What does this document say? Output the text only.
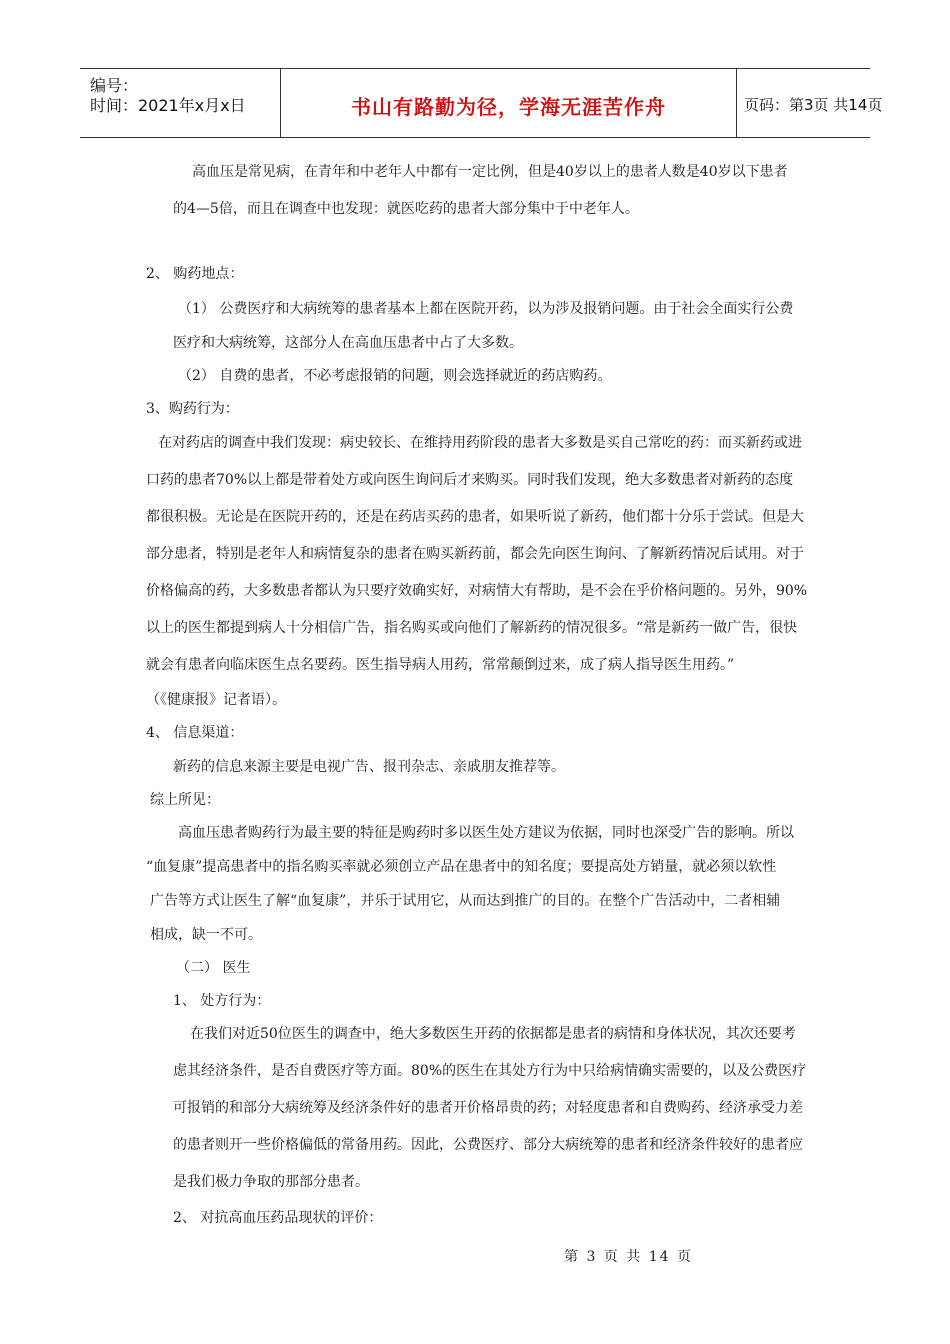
编号：
时间：2021年x月x日	书山有路勤为径，学海无涯苦作舟	页码：第3页 共14页
高血压是常见病，在青年和中老年人中都有一定比例，但是40岁以上的患者人数是40岁以下患者
的4—5倍，而且在调查中也发现：就医吃药的患者大部分集中于中老年人。
2、 购药地点：
（1） 公费医疗和大病统筹的患者基本上都在医院开药，以为涉及报销问题。由于社会全面实行公费
医疗和大病统筹，这部分人在高血压患者中占了大多数。
（2） 自费的患者，不必考虑报销的问题，则会选择就近的药店购药。
3、购药行为：
在对药店的调查中我们发现：病史较长、在维持用药阶段的患者大多数是买自己常吃的药：而买新药或进
口药的患者70%以上都是带着处方或向医生询问后才来购买。同时我们发现，绝大多数患者对新药的态度
都很积极。无论是在医院开药的，还是在药店买药的患者，如果听说了新药，他们都十分乐于尝试。但是大
部分患者，特别是老年人和病情复杂的患者在购买新药前，都会先向医生询问、了解新药情况后试用。对于
价格偏高的药，大多数患者都认为只要疗效确实好，对病情大有帮助，是不会在乎价格问题的。另外，90%
以上的医生都提到病人十分相信广告，指名购买或向他们了解新药的情况很多。“常是新药一做广告，很快
就会有患者向临床医生点名要药。医生指导病人用药，常常颠倒过来，成了病人指导医生用药。”
（《健康报》记者语）。
4、 信息渠道：
新药的信息来源主要是电视广告、报刊杂志、亲戚朋友推荐等。
综上所见：
高血压患者购药行为最主要的特征是购药时多以医生处方建议为依据，同时也深受广告的影响。所以
“血复康”提高患者中的指名购买率就必须创立产品在患者中的知名度；要提高处方销量，就必须以软性
广告等方式让医生了解“血复康”，并乐于试用它，从而达到推广的目的。在整个广告活动中，二者相辅
相成，缺一不可。
（二） 医生
1、 处方行为：
在我们对近50位医生的调查中，绝大多数医生开药的依据都是患者的病情和身体状况，其次还要考
虑其经济条件，是否自费医疗等方面。80%的医生在其处方行为中只给病情确实需要的，以及公费医疗
可报销的和部分大病统筹及经济条件好的患者开价格昂贵的药；对轻度患者和自费购药、经济承受力差
的患者则开一些价格偏低的常备用药。因此，公费医疗、部分大病统筹的患者和经济条件较好的患者应
是我们极力争取的那部分患者。
2、 对抗高血压药品现状的评价：
第 3 页 共 14 页
